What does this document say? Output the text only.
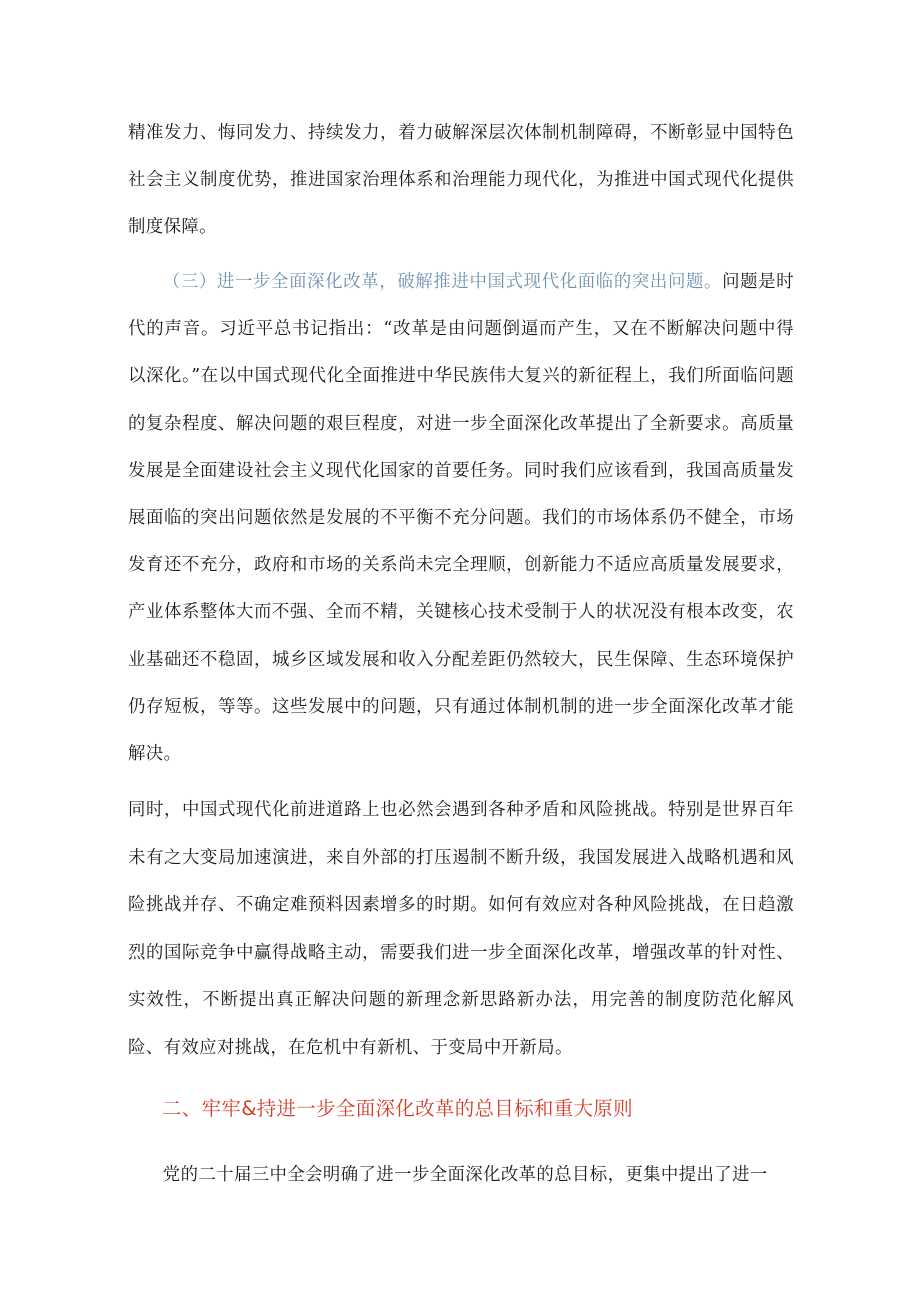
精准发力、悔同发力、持续发力，着力破解深层次体制机制障碍，不断彰显中国特色社会主义制度优势，推进国家治理体系和治理能力现代化，为推进中国式现代化提供制度保障。

（三）进一步全面深化改革，破解推进中国式现代化面临的突出问题。问题是时代的声音。习近平总书记指出：“改革是由问题倒逼而产生，又在不断解决问题中得以深化。”在以中国式现代化全面推进中华民族伟大复兴的新征程上，我们所面临问题的复杂程度、解决问题的艰巨程度，对进一步全面深化改革提出了全新要求。高质量发展是全面建设社会主义现代化国家的首要任务。同时我们应该看到，我国高质量发展面临的突出问题依然是发展的不平衡不充分问题。我们的市场体系仍不健全，市场发育还不充分，政府和市场的关系尚未完全理顺，创新能力不适应高质量发展要求，产业体系整体大而不强、全而不精，关键核心技术受制于人的状况没有根本改变，农业基础还不稳固，城乡区域发展和收入分配差距仍然较大，民生保障、生态环境保护仍存短板，等等。这些发展中的问题，只有通过体制机制的进一步全面深化改革才能解决。

同时，中国式现代化前进道路上也必然会遇到各种矛盾和风险挑战。特别是世界百年未有之大变局加速演进，来自外部的打压遏制不断升级，我国发展进入战略机遇和风险挑战并存、不确定难预料因素增多的时期。如何有效应对各种风险挑战，在日趋激烈的国际竞争中赢得战略主动，需要我们进一步全面深化改革，增强改革的针对性、实效性，不断提出真正解决问题的新理念新思路新办法，用完善的制度防范化解风险、有效应对挑战，在危机中有新机、于变局中开新局。

二、牢牢&持进一步全面深化改革的总目标和重大原则

党的二十届三中全会明确了进一步全面深化改革的总目标，更集中提出了进一
